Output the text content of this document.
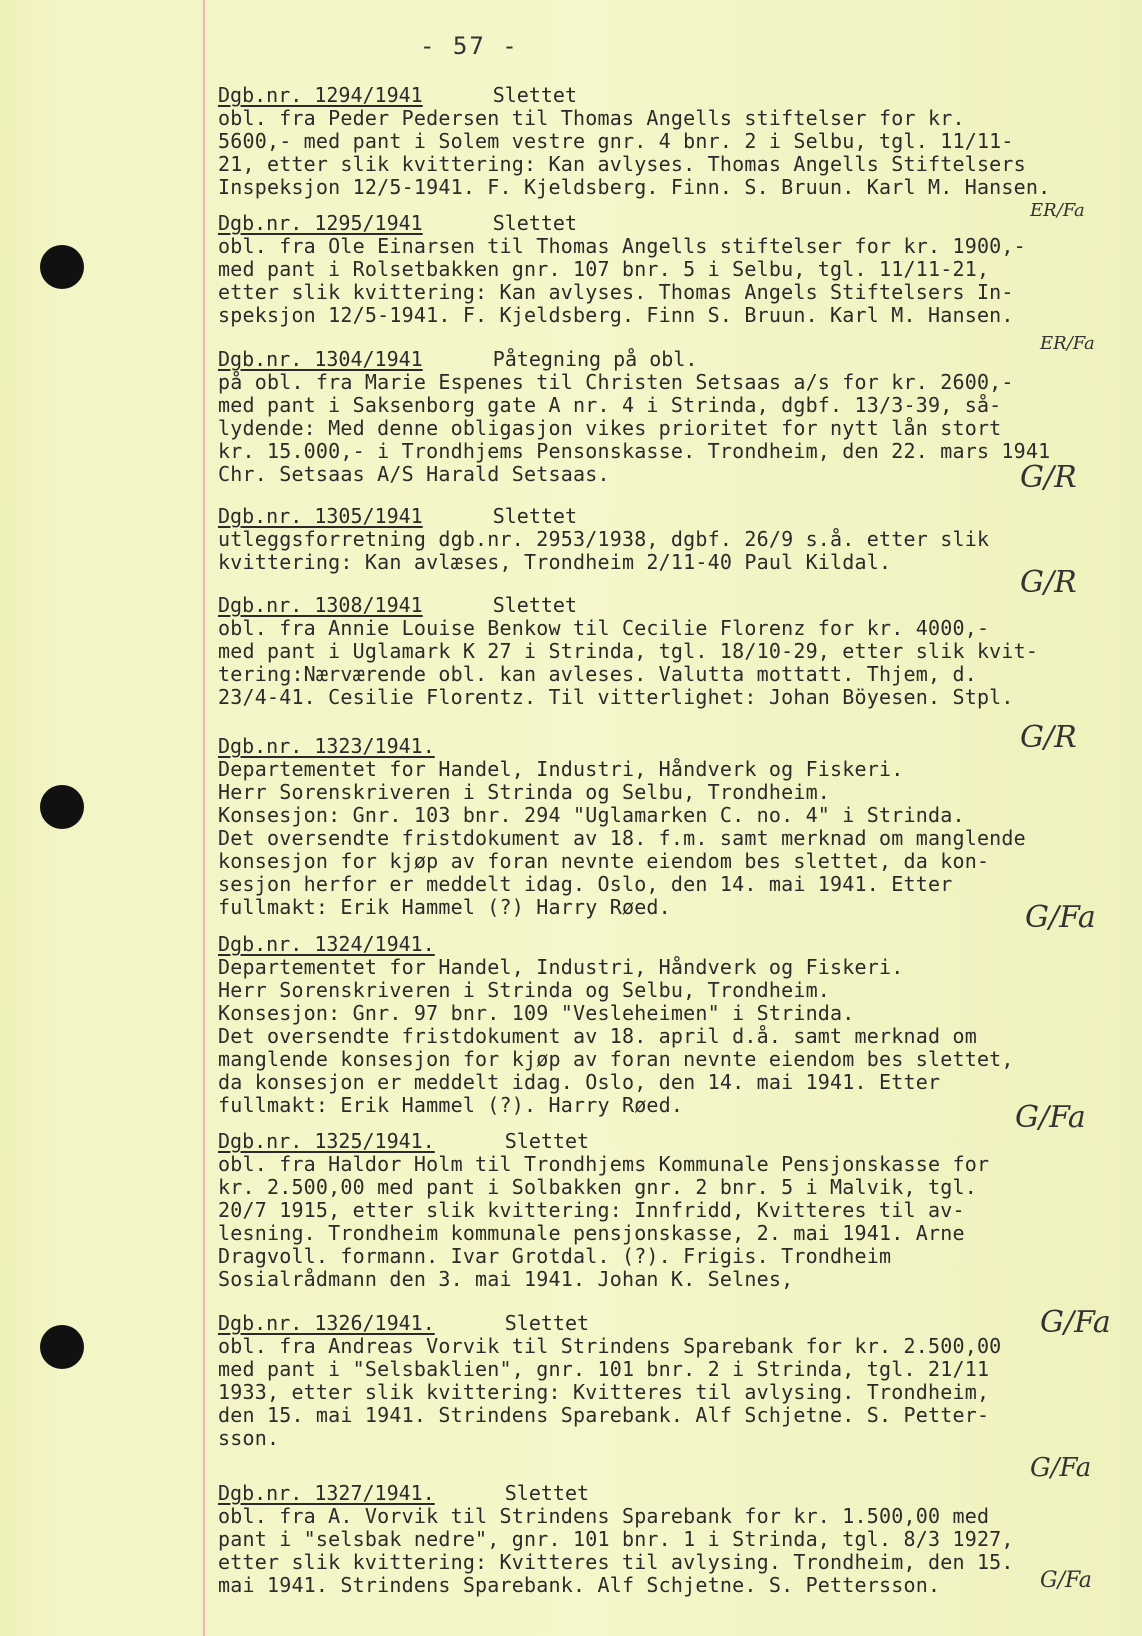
- 57 -
Dgb.nr. 1294/1941	Slettet
obl. fra Peder Pedersen til Thomas Angells stiftelser for kr.
5600,- med pant i Solem vestre gnr. 4 bnr. 2 i Selbu, tgl. 11/11-
21, etter slik kvittering: Kan avlyses. Thomas Angells Stiftelsers
Inspeksjon 12/5-1941. F. Kjeldsberg. Finn. S. Bruun. Karl M. Hansen.
Dgb.nr. 1295/1941	Slettet
obl. fra Ole Einarsen til Thomas Angells stiftelser for kr. 1900,-
med pant i Rolsetbakken gnr. 107 bnr. 5 i Selbu, tgl. 11/11-21,
etter slik kvittering: Kan avlyses. Thomas Angels Stiftelsers In-
speksjon 12/5-1941. F. Kjeldsberg. Finn S. Bruun. Karl M. Hansen.
Dgb.nr. 1304/1941	Påtegning på obl.
på obl. fra Marie Espenes til Christen Setsaas a/s for kr. 2600,-
med pant i Saksenborg gate A nr. 4 i Strinda, dgbf. 13/3-39, så-
lydende: Med denne obligasjon vikes prioritet for nytt lån stort
kr. 15.000,- i Trondhjems Pensonskasse. Trondheim, den 22. mars 1941
Chr. Setsaas A/S Harald Setsaas.
Dgb.nr. 1305/1941	Slettet
utleggsforretning dgb.nr. 2953/1938, dgbf. 26/9 s.å. etter slik
kvittering: Kan avlæses, Trondheim 2/11-40 Paul Kildal.
Dgb.nr. 1308/1941	Slettet
obl. fra Annie Louise Benkow til Cecilie Florenz for kr. 4000,-
med pant i Uglamark K 27 i Strinda, tgl. 18/10-29, etter slik kvit-
tering:Nærværende obl. kan avleses. Valutta mottatt. Thjem, d.
23/4-41. Cesilie Florentz. Til vitterlighet: Johan Böyesen. Stpl.
Dgb.nr. 1323/1941.
Departementet for Handel, Industri, Håndverk og Fiskeri.
Herr Sorenskriveren i Strinda og Selbu, Trondheim.
Konsesjon: Gnr. 103 bnr. 294 "Uglamarken C. no. 4" i Strinda.
Det oversendte fristdokument av 18. f.m. samt merknad om manglende
konsesjon for kjøp av foran nevnte eiendom bes slettet, da kon-
sesjon herfor er meddelt idag. Oslo, den 14. mai 1941. Etter
fullmakt: Erik Hammel (?) Harry Røed.
Dgb.nr. 1324/1941.
Departementet for Handel, Industri, Håndverk og Fiskeri.
Herr Sorenskriveren i Strinda og Selbu, Trondheim.
Konsesjon: Gnr. 97 bnr. 109 "Vesleheimen" i Strinda.
Det oversendte fristdokument av 18. april d.å. samt merknad om
manglende konsesjon for kjøp av foran nevnte eiendom bes slettet,
da konsesjon er meddelt idag. Oslo, den 14. mai 1941. Etter
fullmakt: Erik Hammel (?). Harry Røed.
Dgb.nr. 1325/1941.	Slettet
obl. fra Haldor Holm til Trondhjems Kommunale Pensjonskasse for
kr. 2.500,00 med pant i Solbakken gnr. 2 bnr. 5 i Malvik, tgl.
20/7 1915, etter slik kvittering: Innfridd, Kvitteres til av-
lesning. Trondheim kommunale pensjonskasse, 2. mai 1941. Arne
Dragvoll. formann. Ivar Grotdal. (?). Frigis. Trondheim
Sosialrådmann den 3. mai 1941. Johan K. Selnes,
Dgb.nr. 1326/1941.	Slettet
obl. fra Andreas Vorvik til Strindens Sparebank for kr. 2.500,00
med pant i "Selsbaklien", gnr. 101 bnr. 2 i Strinda, tgl. 21/11
1933, etter slik kvittering: Kvitteres til avlysing. Trondheim,
den 15. mai 1941. Strindens Sparebank. Alf Schjetne. S. Petter-
sson.
Dgb.nr. 1327/1941.	Slettet
obl. fra A. Vorvik til Strindens Sparebank for kr. 1.500,00 med
pant i "selsbak nedre", gnr. 101 bnr. 1 i Strinda, tgl. 8/3 1927,
etter slik kvittering: Kvitteres til avlysing. Trondheim, den 15.
mai 1941. Strindens Sparebank. Alf Schjetne. S. Pettersson.
ER/Fa
ER/Fa
G/R
G/R
G/R
G/Fa
G/Fa
G/Fa
G/Fa
G/Fa
